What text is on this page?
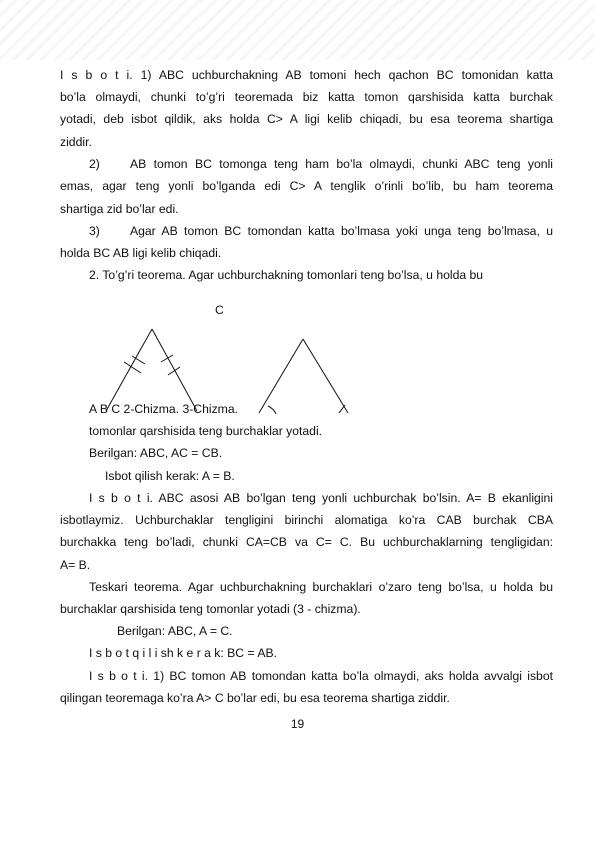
I s b o t i. 1) ABC uchburchakning AB tomoni hech qachon BC tomonidan katta
bo’la olmaydi, chunki to’g’ri teoremada biz katta tomon qarshisida katta burchak
yotadi, deb isbot qildik, aks holda C> A ligi kelib chiqadi, bu esa teorema shartiga
ziddir.
2) AB tomon BC tomonga teng ham bo’la olmaydi, chunki ABC teng yonli
emas, agar teng yonli bo’lganda edi C> A tenglik o’rinli bo’lib, bu ham teorema
shartiga zid bo’lar edi.
3) Agar AB tomon BC tomondan katta bo’lmasa yoki unga teng bo’lmasa, u
holda BC AB ligi kelib chiqadi.
2. To’g’ri teorema. Agar uchburchakning tomonlari teng bo’lsa, u holda bu
C
A B C 2-Chizma. 3-Chizma.
tomonlar qarshisida teng burchaklar yotadi.
Berilgan: ABC, AC = CB.
Isbot qilish kerak: A = B.
I s b o t i. ABC asosi AB bo’lgan teng yonli uchburchak bo’lsin. A= B ekanligini
isbotlaymiz. Uchburchaklar tengligini birinchi alomatiga ko’ra CAB burchak CBA
burchakka teng bo’ladi, chunki CA=CB va C= C. Bu uchburchaklarning tengligidan:
A= B.
Teskari teorema. Agar uchburchakning burchaklari o’zaro teng bo’lsa, u holda bu
burchaklar qarshisida teng tomonlar yotadi (3 - chizma).
Berilgan: ABC, A = C.
I s b o t q i l i sh k e r a k: BC = AB.
I s b o t i. 1) BC tomon AB tomondan katta bo’la olmaydi, aks holda avvalgi isbot
qilingan teoremaga ko’ra A> C bo’lar edi, bu esa teorema shartiga ziddir.
19
